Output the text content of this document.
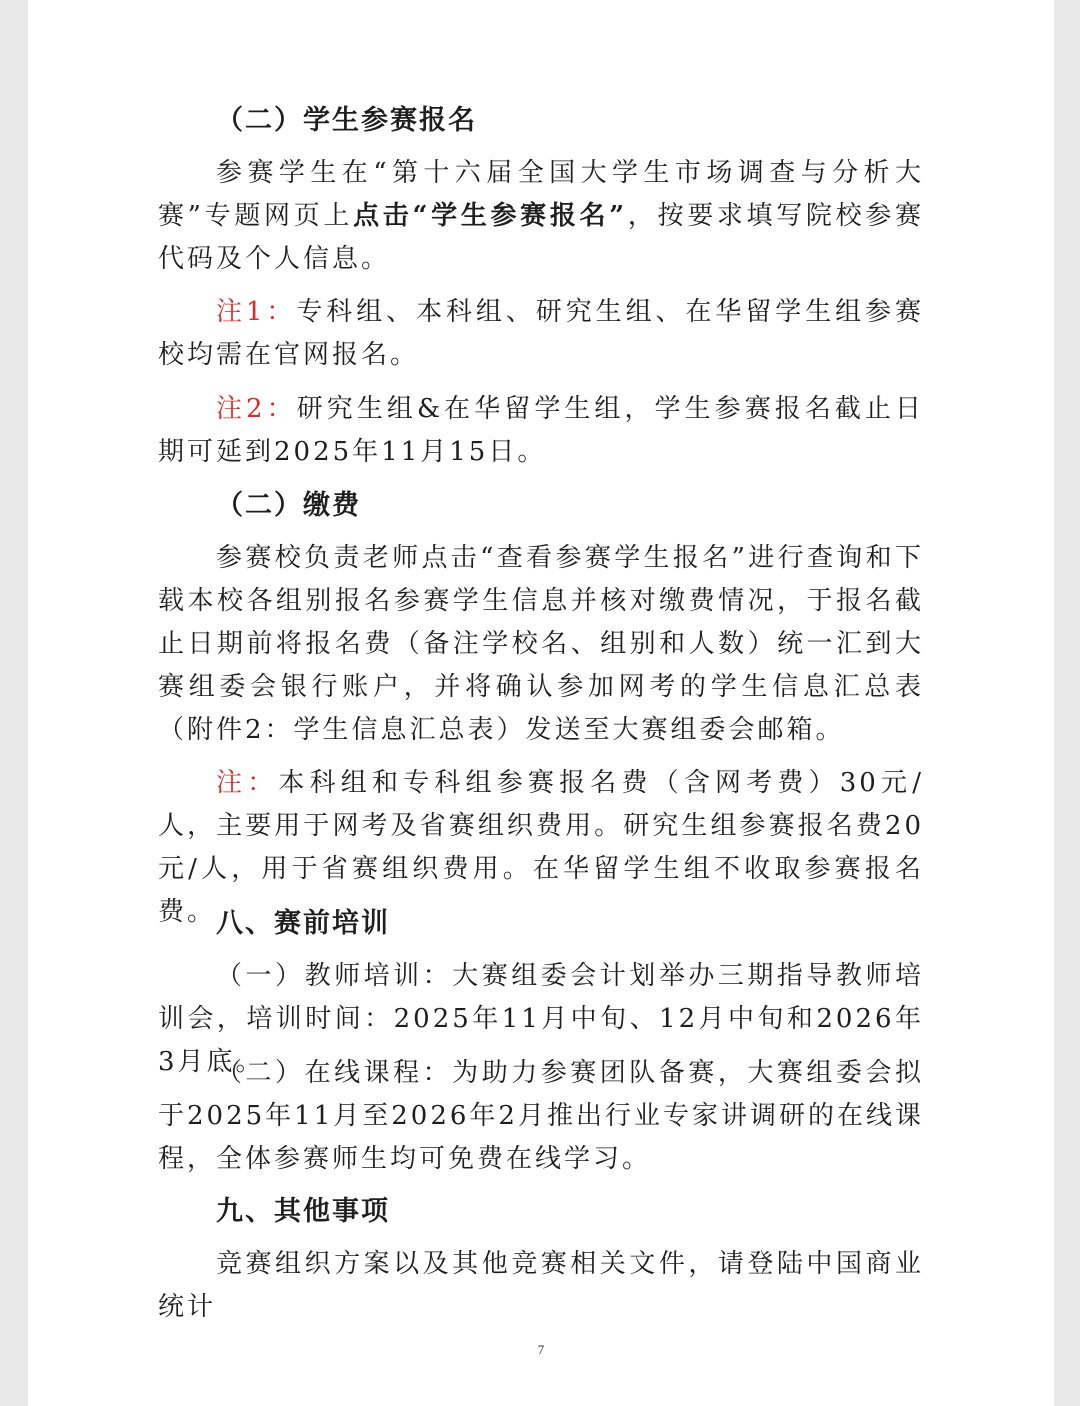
（二）学生参赛报名

参赛学生在“第十六届全国大学生市场调查与分析大赛”专题网页上点击“学生参赛报名”，按要求填写院校参赛代码及个人信息。

注1：专科组、本科组、研究生组、在华留学生组参赛校均需在官网报名。

注2：研究生组&在华留学生组，学生参赛报名截止日期可延到2025年11月15日。

（二）缴费

参赛校负责老师点击“查看参赛学生报名”进行查询和下载本校各组别报名参赛学生信息并核对缴费情况，于报名截止日期前将报名费（备注学校名、组别和人数）统一汇到大赛组委会银行账户，并将确认参加网考的学生信息汇总表（附件2：学生信息汇总表）发送至大赛组委会邮箱。

注：本科组和专科组参赛报名费（含网考费）30元/人，主要用于网考及省赛组织费用。研究生组参赛报名费20元/人，用于省赛组织费用。在华留学生组不收取参赛报名费。 八、赛前培训

（一）教师培训：大赛组委会计划举办三期指导教师培训会，培训时间：2025年11月中旬、12月中旬和2026年3月底。

（二）在线课程：为助力参赛团队备赛，大赛组委会拟于2025年11月至2026年2月推出行业专家讲调研的在线课程，全体参赛师生均可免费在线学习。

九、其他事项

竞赛组织方案以及其他竞赛相关文件，请登陆中国商业统计

7
